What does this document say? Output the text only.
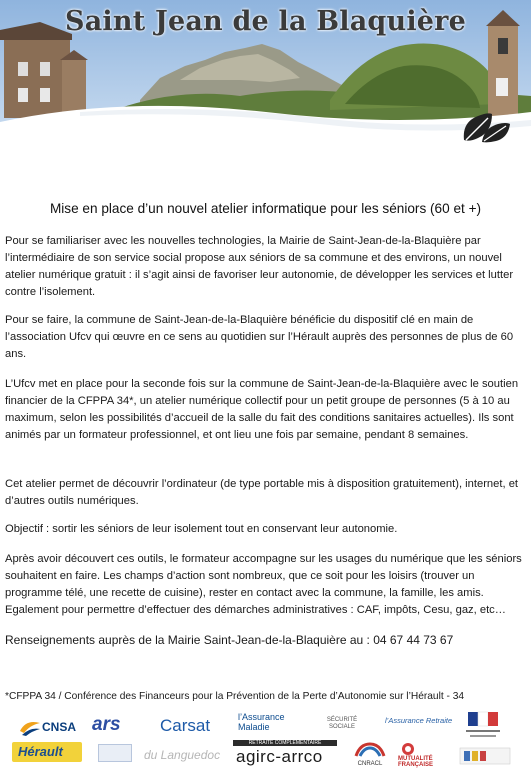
Saint Jean de la Blaquière
Mise en place d’un nouvel atelier informatique pour les séniors (60 et +)

Pour se familiariser avec les nouvelles technologies, la Mairie de Saint-Jean-de-la-Blaquière par l’intermédiaire de son service social propose aux séniors de sa commune et des environs, un nouvel atelier numérique gratuit : il s’agit ainsi de favoriser leur autonomie, de développer les services et lutter contre l’isolement.

Pour se faire, la commune de Saint-Jean-de-la-Blaquière bénéficie du dispositif clé en main de l’association Ufcv qui œuvre en ce sens au quotidien sur l’Hérault auprès des personnes de plus de 60 ans.

L’Ufcv met en place pour la seconde fois sur la commune de Saint-Jean-de-la-Blaquière avec le soutien financier de la CFPPA 34*, un atelier numérique collectif pour un petit groupe de personnes (5 à 10 au maximum, selon les possibilités d’accueil de la salle du fait des conditions sanitaires actuelles). Ils sont animés par un formateur professionnel, et ont lieu une fois par semaine, pendant 8 semaines.

Cet atelier permet de découvrir l’ordinateur (de type portable mis à disposition gratuitement), internet, et d’autres outils numériques.

Objectif : sortir les séniors de leur isolement tout en conservant leur autonomie.

Après avoir découvert ces outils, le formateur accompagne sur les usages du numérique que les séniors souhaitent en faire. Les champs d’action sont nombreux, que ce soit pour les loisirs (trouver un programme télé, une recette de cuisine), rester en contact avec la commune, la famille, les amis. Egalement pour permettre d’effectuer des démarches administratives : CAF, impôts, Cesu, gaz, etc…

Renseignements auprès de la Mairie Saint-Jean-de-la-Blaquière au : 04 67 44 73 67
*CFPPA 34 / Conférence des Financeurs pour la Prévention de la Perte d’Autonomie sur l’Hérault - 34
CNSA ars Carsat	l’Assurance Maladie
SÉCURITÉ SOCIALE
l’Assurance Retraite
Hérault	du Languedoc
RETRAITE COMPLÉMENTAIRE
agirc-arrco	CNRACL
MUTUALITÉ FRANÇAISE
